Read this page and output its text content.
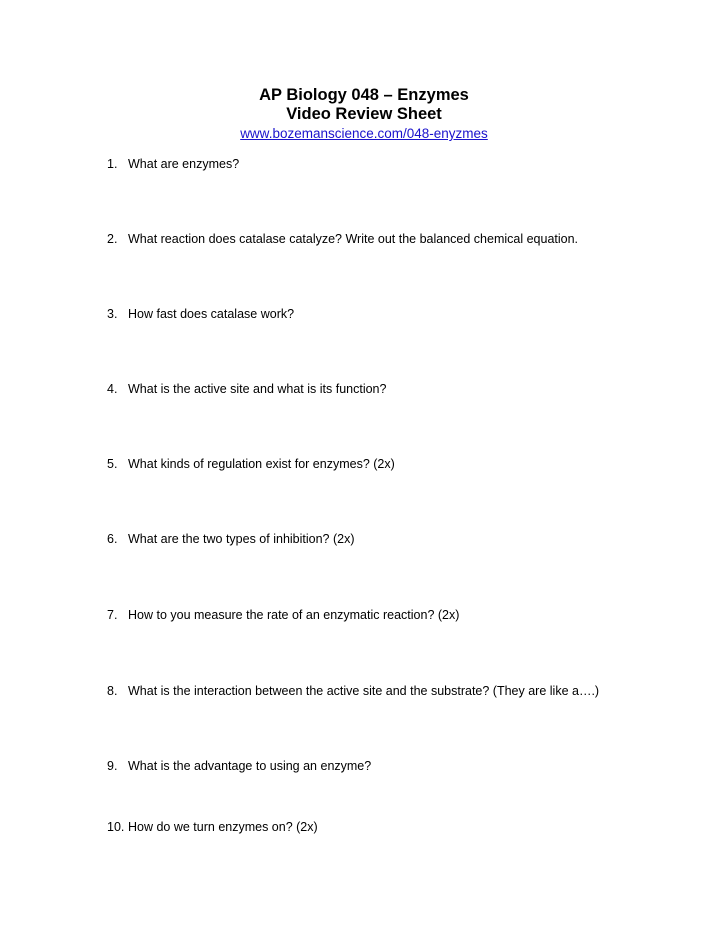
AP Biology 048 – Enzymes
Video Review Sheet
www.bozemanscience.com/048-enyzmes
1. What are enzymes?
2. What reaction does catalase catalyze? Write out the balanced chemical equation.
3. How fast does catalase work?
4. What is the active site and what is its function?
5. What kinds of regulation exist for enzymes? (2x)
6. What are the two types of inhibition? (2x)
7. How to you measure the rate of an enzymatic reaction? (2x)
8. What is the interaction between the active site and the substrate? (They are like a….)
9. What is the advantage to using an enzyme?
10. How do we turn enzymes on? (2x)
